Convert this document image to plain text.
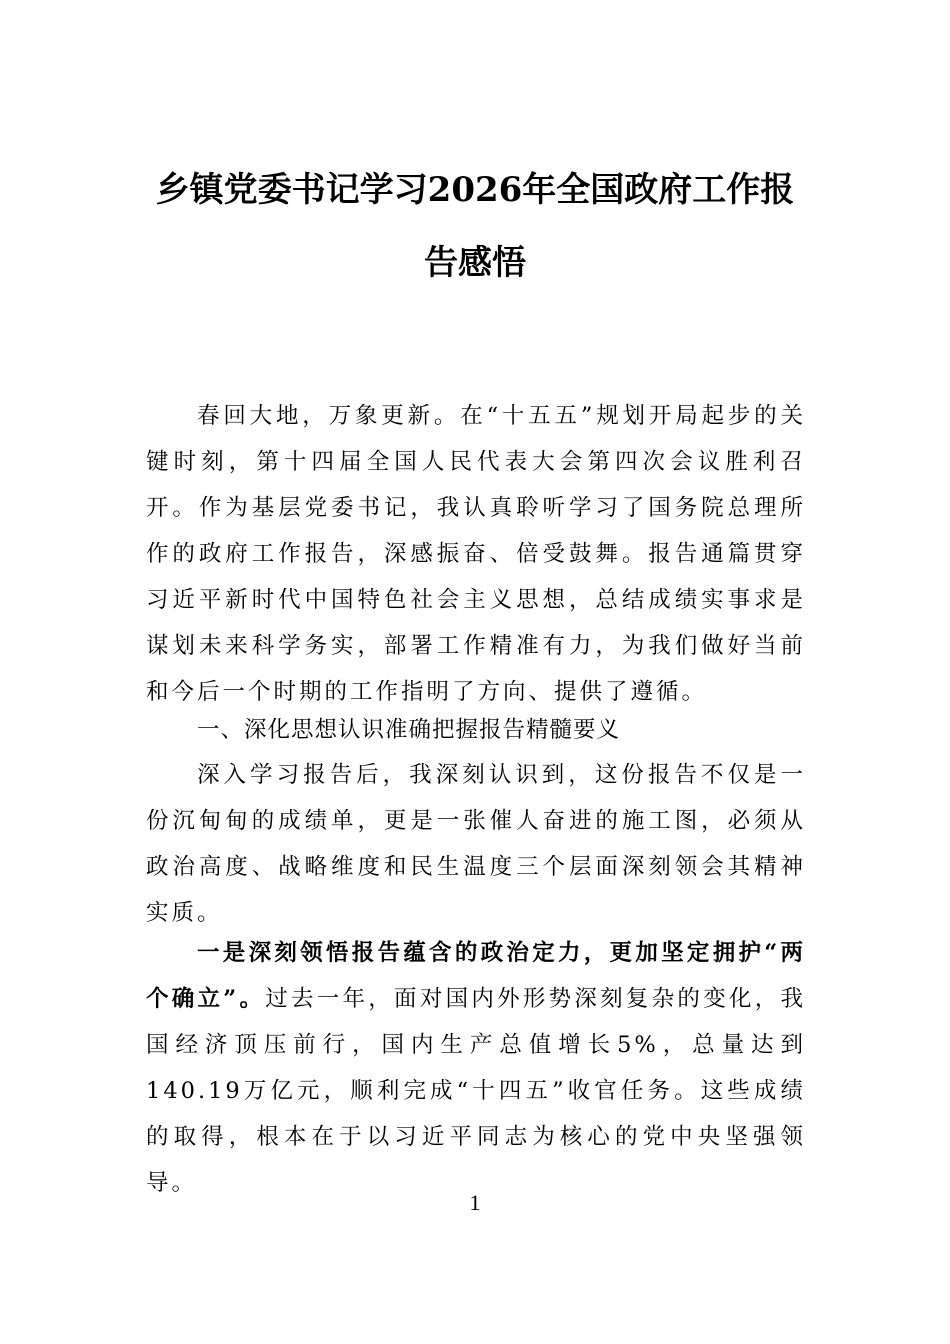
乡镇党委书记学习2026年全国政府工作报
告感悟

春回大地，万象更新。在“十五五”规划开局起步的关键时刻，第十四届全国人民代表大会第四次会议胜利召开。作为基层党委书记，我认真聆听学习了国务院总理所作的政府工作报告，深感振奋、倍受鼓舞。报告通篇贯穿习近平新时代中国特色社会主义思想，总结成绩实事求是谋划未来科学务实，部署工作精准有力，为我们做好当前和今后一个时期的工作指明了方向、提供了遵循。

一、深化思想认识准确把握报告精髓要义

深入学习报告后，我深刻认识到，这份报告不仅是一份沉甸甸的成绩单，更是一张催人奋进的施工图，必须从政治高度、战略维度和民生温度三个层面深刻领会其精神实质。

一是深刻领悟报告蕴含的政治定力，更加坚定拥护“两个确立”。过去一年，面对国内外形势深刻复杂的变化，我国经济顶压前行，国内生产总值增长5%，总量达到140.19万亿元，顺利完成“十四五”收官任务。这些成绩的取得，根本在于以习近平同志为核心的党中央坚强领导。

1
